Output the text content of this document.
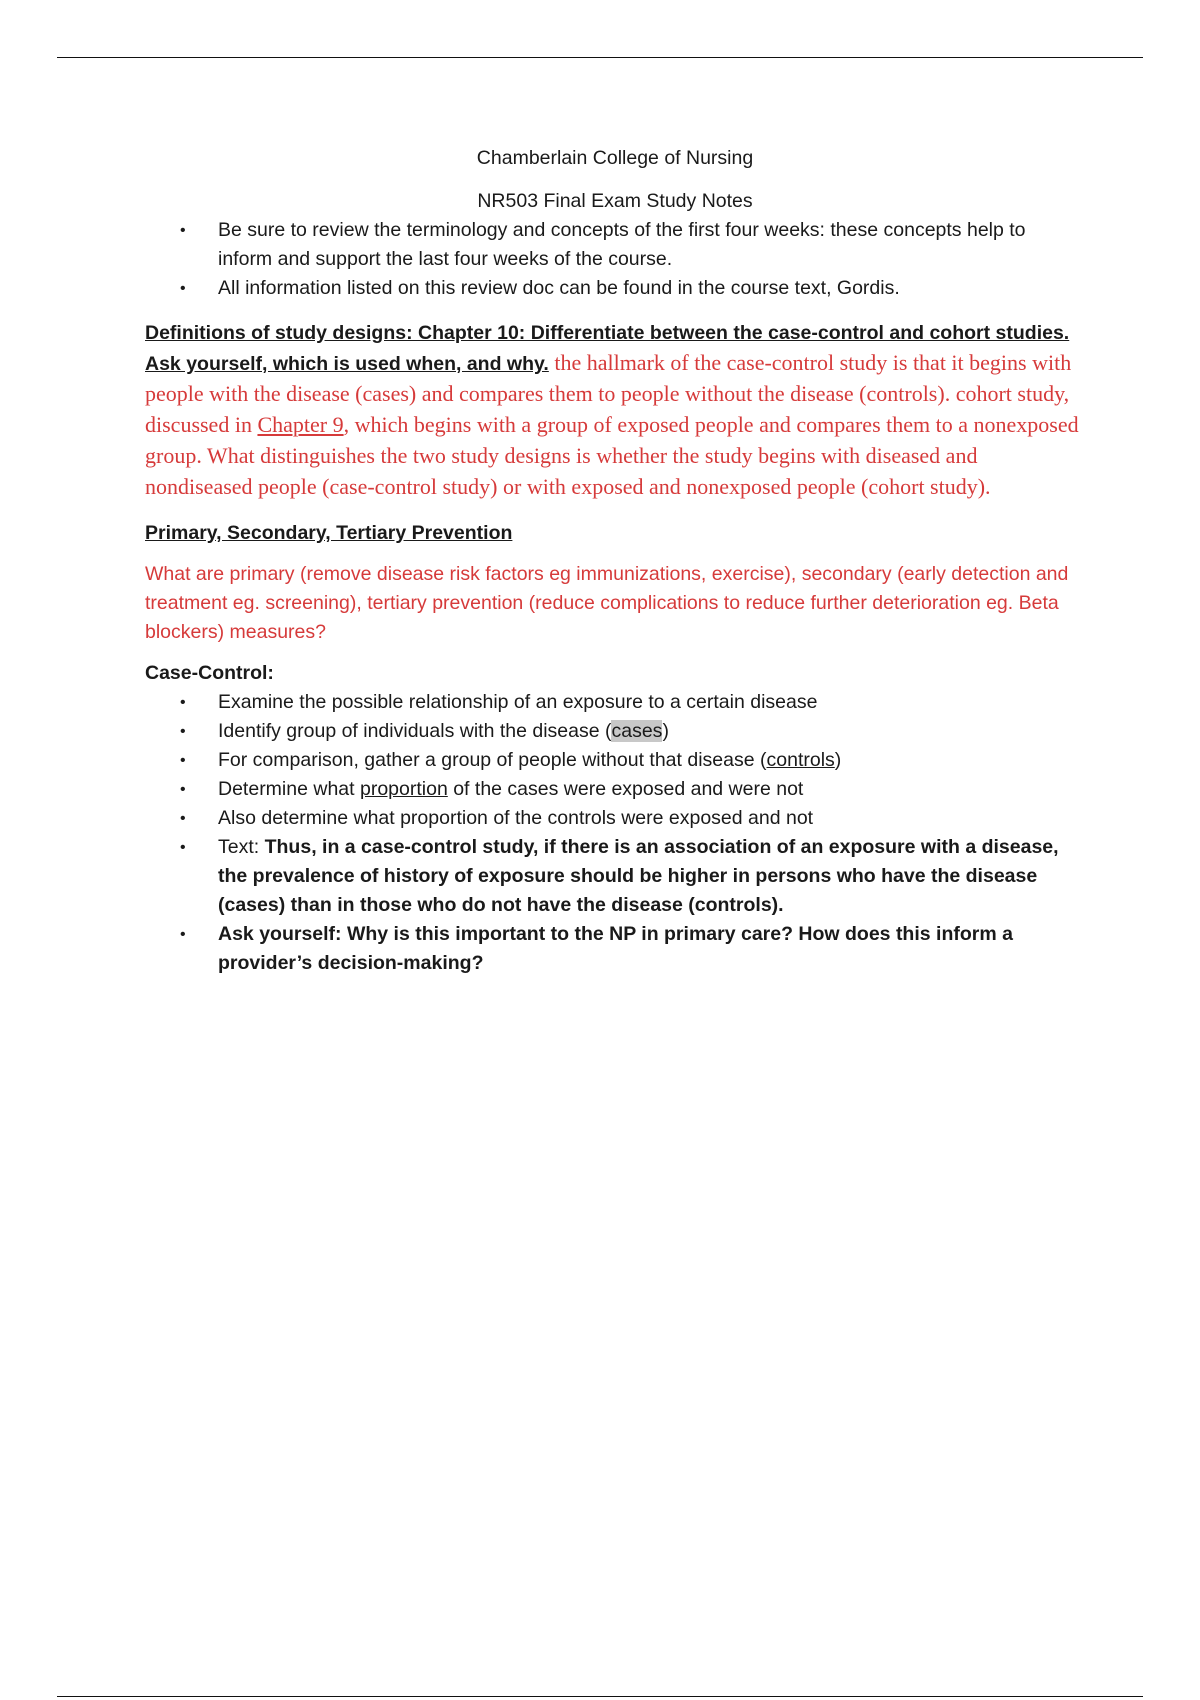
Chamberlain College of Nursing
NR503 Final Exam Study Notes
• Be sure to review the terminology and concepts of the first four weeks: these concepts help to inform and support the last four weeks of the course.
• All information listed on this review doc can be found in the course text, Gordis.
Definitions of study designs: Chapter 10: Differentiate between the case-control and cohort studies. Ask yourself, which is used when, and why. the hallmark of the case-control study is that it begins with people with the disease (cases) and compares them to people without the disease (controls). cohort study, discussed in Chapter 9, which begins with a group of exposed people and compares them to a nonexposed group. What distinguishes the two study designs is whether the study begins with diseased and nondiseased people (case-control study) or with exposed and nonexposed people (cohort study).
Primary, Secondary, Tertiary Prevention
What are primary (remove disease risk factors eg immunizations, exercise), secondary (early detection and treatment eg. screening), tertiary prevention (reduce complications to reduce further deterioration eg. Beta blockers) measures?
Case-Control:
• Examine the possible relationship of an exposure to a certain disease
• Identify group of individuals with the disease (cases)
• For comparison, gather a group of people without that disease (controls)
• Determine what proportion of the cases were exposed and were not
• Also determine what proportion of the controls were exposed and not
• Text: Thus, in a case-control study, if there is an association of an exposure with a disease, the prevalence of history of exposure should be higher in persons who have the disease (cases) than in those who do not have the disease (controls).
• Ask yourself: Why is this important to the NP in primary care? How does this inform a provider’s decision-making?
